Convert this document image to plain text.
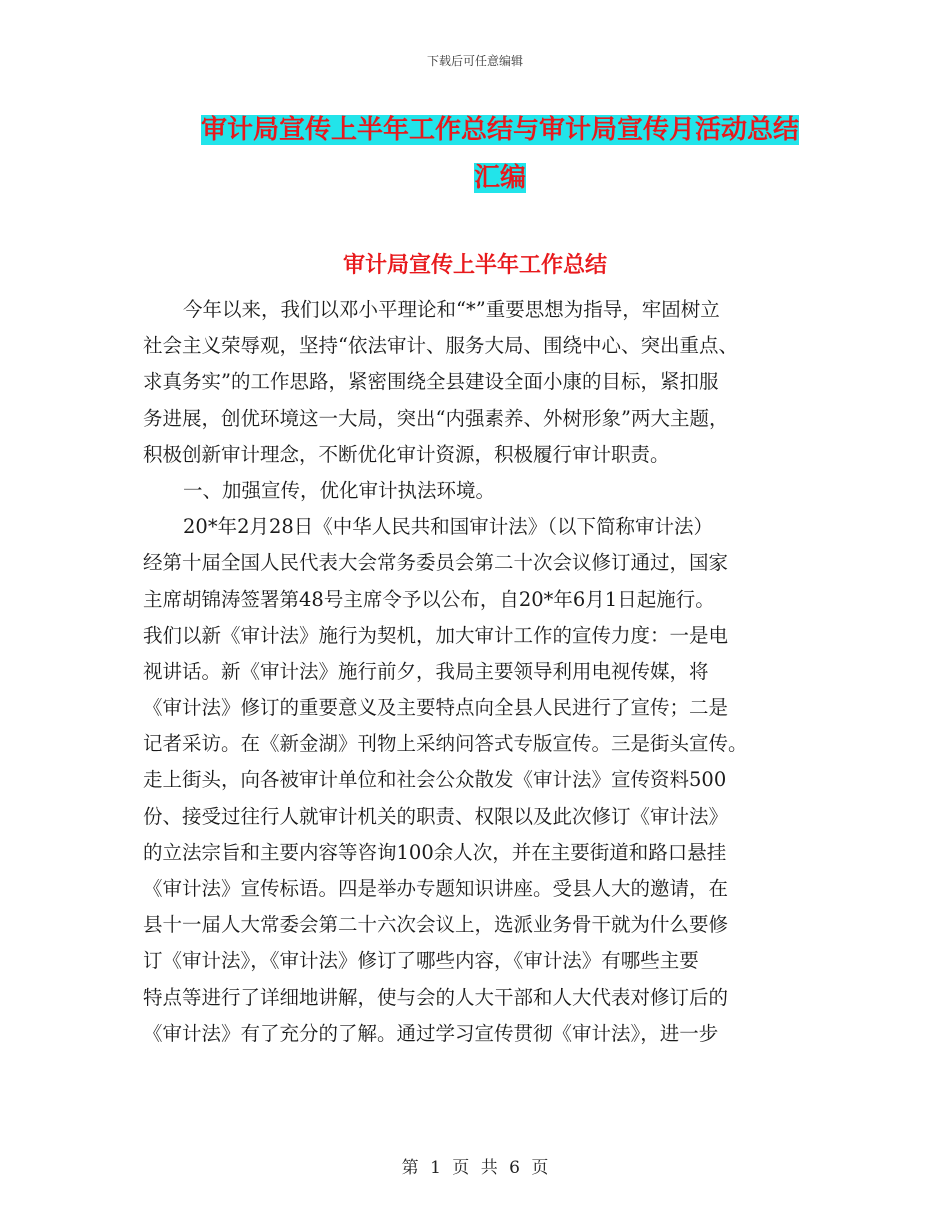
下载后可任意编辑
审计局宣传上半年工作总结与审计局宣传月活动总结
汇编
审计局宣传上半年工作总结
今年以来，我们以邓小平理论和“*”重要思想为指导，牢固树立
社会主义荣辱观，坚持“依法审计、服务大局、围绕中心、突出重点、
求真务实”的工作思路，紧密围绕全县建设全面小康的目标，紧扣服
务进展，创优环境这一大局，突出“内强素养、外树形象”两大主题，
积极创新审计理念，不断优化审计资源，积极履行审计职责。
一、加强宣传，优化审计执法环境。
20*年2月28日《中华人民共和国审计法》（以下简称审计法）
经第十届全国人民代表大会常务委员会第二十次会议修订通过，国家
主席胡锦涛签署第48号主席令予以公布，自20*年6月1日起施行。
我们以新《审计法》施行为契机，加大审计工作的宣传力度：一是电
视讲话。新《审计法》施行前夕，我局主要领导利用电视传媒，将
《审计法》修订的重要意义及主要特点向全县人民进行了宣传；二是
记者采访。在《新金湖》刊物上采纳问答式专版宣传。三是街头宣传。
走上街头，向各被审计单位和社会公众散发《审计法》宣传资料500
份、接受过往行人就审计机关的职责、权限以及此次修订《审计法》
的立法宗旨和主要内容等咨询100余人次，并在主要街道和路口悬挂
《审计法》宣传标语。四是举办专题知识讲座。受县人大的邀请，在
县十一届人大常委会第二十六次会议上，选派业务骨干就为什么要修
订《审计法》，《审计法》修订了哪些内容，《审计法》有哪些主要
特点等进行了详细地讲解，使与会的人大干部和人大代表对修订后的
《审计法》有了充分的了解。通过学习宣传贯彻《审计法》，进一步
第 1 页 共 6 页
